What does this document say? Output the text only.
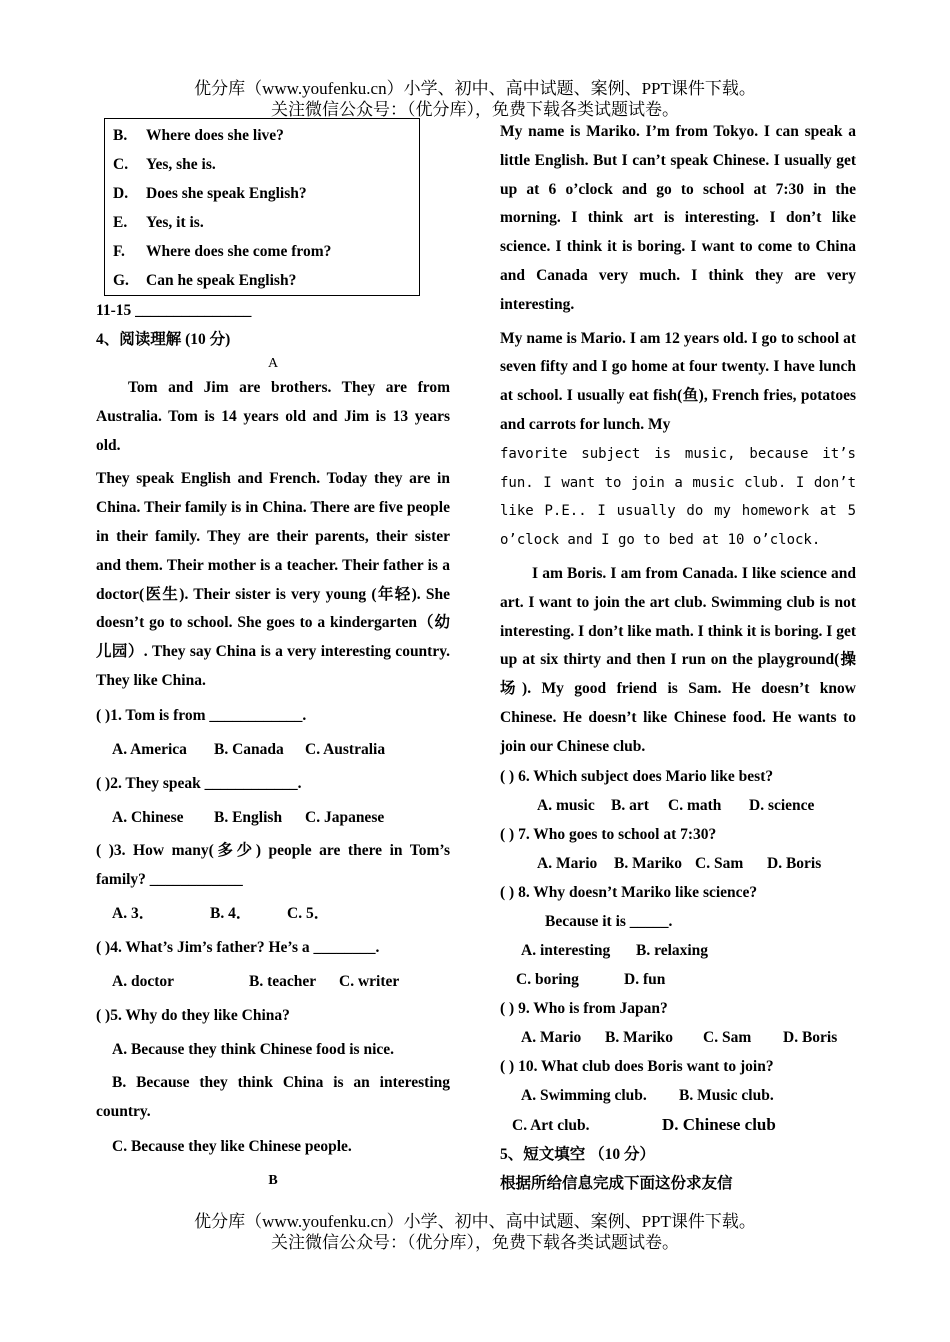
优分库（www.youfenku.cn）小学、初中、高中试题、案例、PPT课件下载。
关注微信公众号：（优分库），免费下载各类试题试卷。
B. Where does she live?
C. Yes, she is.
D. Does she speak English?
E. Yes, it is.
F. Where does she come from?
G. Can he speak English?
11-15 _______________
4、阅读理解 (10 分)
A

Tom and Jim are brothers. They are from Australia. Tom is 14 years old and Jim is 13 years old.

They speak English and French. Today they are in China. Their family is in China. There are five people in their family. They are their parents, their sister and them. Their mother is a teacher. Their father is a doctor(医生). Their sister is very young (年轻). She doesn’t go to school. She goes to a kindergarten（幼儿园）. They say China is a very interesting country. They like China.

( )1. Tom is from ____________.
A. America B. Canada C. Australia
( )2. They speak ____________.
A. Chinese B. English C. Japanese

( )3. How many(多少) people are there in Tom’s family? ____________

A. 3．	B. 4． C. 5．
( )4. What’s Jim’s father? He’s a ________.
A. doctor	B. teacher C. writer
( )5. Why do they like China?
A. Because they think Chinese food is nice.

B. Because they think China is an interesting country.

C. Because they like Chinese people.
B

My name is Mariko. I’m from Tokyo. I can speak a little English. But I can’t speak Chinese. I usually get up at 6 o’clock and go to school at 7:30 in the morning. I think art is interesting. I don’t like science. I think it is boring. I want to come to China and Canada very much. I think they are very interesting.

My name is Mario. I am 12 years old. I go to school at seven fifty and I go home at four twenty. I have lunch at school. I usually eat fish(鱼), French fries, potatoes and carrots for lunch. My

favorite subject is music, because it’s fun. I want to join a music club. I don’t like P.E.. I usually do my homework at 5 o’clock and I go to bed at 10 o’clock.

I am Boris. I am from Canada. I like science and art. I want to join the art club. Swimming club is not interesting. I don’t like math. I think it is boring. I get up at six thirty and then I run on the playground(操场). My good friend is Sam. He doesn’t know Chinese. He doesn’t like Chinese food. He wants to join our Chinese club.

( ) 6. Which subject does Mario like best?
A. music B. art C. math D. science
( ) 7. Who goes to school at 7:30?
A. Mario B. Mariko C. Sam D. Boris
( ) 8. Why doesn’t Mariko like science?
Because it is _____.
A. interesting B. relaxing
C. boring	D. fun
( ) 9. Who is from Japan?
A. Mario B. Mariko C. Sam D. Boris
( ) 10. What club does Boris want to join?
A. Swimming club. B. Music club.
C. Art club.	D. Chinese club
5、短文填空 （10 分）
根据所给信息完成下面这份求友信
优分库（www.youfenku.cn）小学、初中、高中试题、案例、PPT课件下载。
关注微信公众号：（优分库），免费下载各类试题试卷。
